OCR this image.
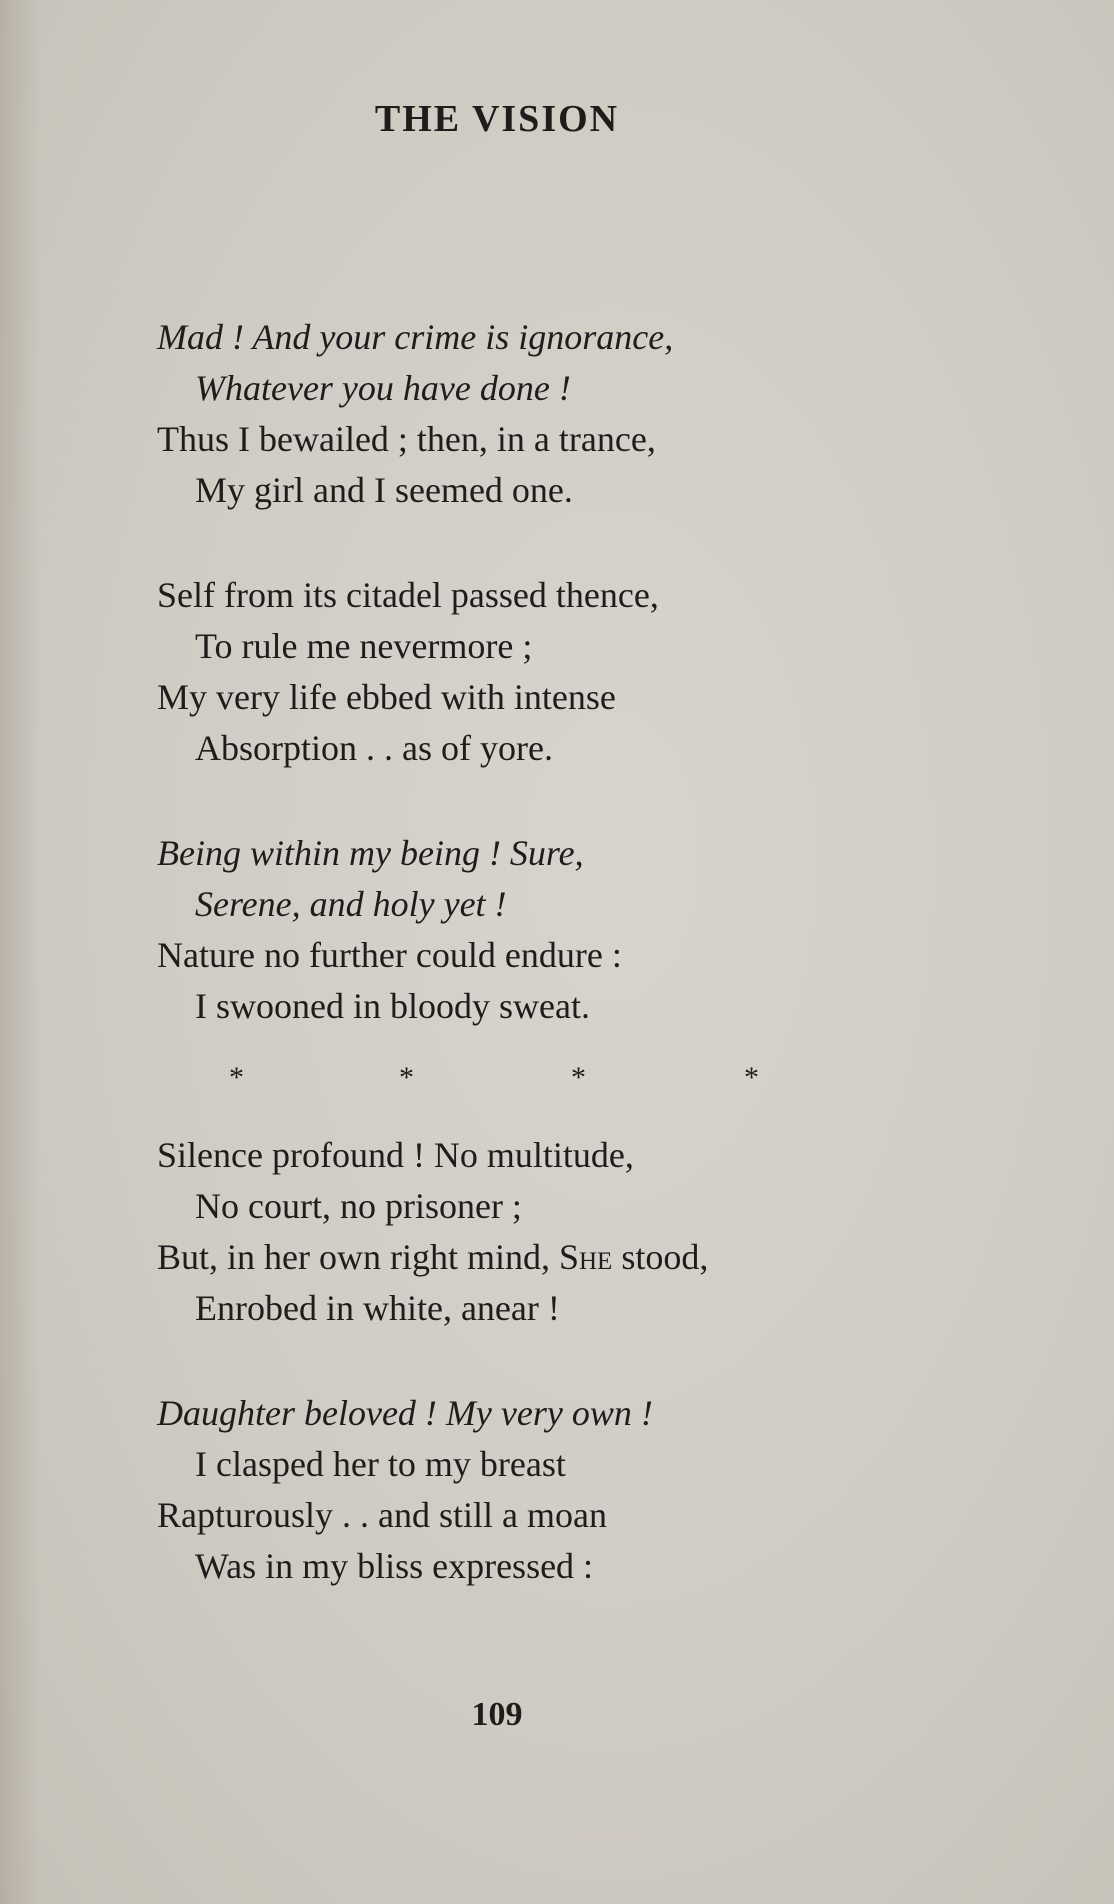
THE VISION
Mad ! And your crime is ignorance,
Whatever you have done !
Thus I bewailed ; then, in a trance,
My girl and I seemed one.
Self from its citadel passed thence,
To rule me nevermore ;
My very life ebbed with intense
Absorption . . as of yore.
Being within my being ! Sure,
Serene, and holy yet !
Nature no further could endure :
I swooned in bloody sweat.
Silence profound ! No multitude,
No court, no prisoner ;
But, in her own right mind, She stood,
Enrobed in white, anear !
Daughter beloved ! My very own !
I clasped her to my breast
Rapturously . . and still a moan
Was in my bliss expressed :
*	*	*	*
109
